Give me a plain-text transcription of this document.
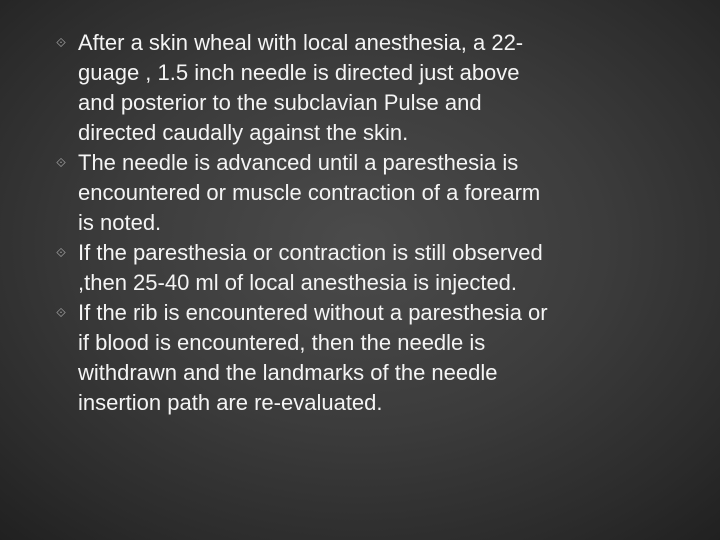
⟐ After a skin wheal with local anesthesia, a 22-
guage , 1.5 inch needle is directed just above
and posterior to the subclavian Pulse and
directed caudally against the skin.
⟐ The needle is advanced until a paresthesia is
encountered or muscle contraction of a forearm
is noted.
⟐ If the paresthesia or contraction is still observed
,then 25-40 ml of local anesthesia is injected.
⟐ If the rib is encountered without a paresthesia or
if blood is encountered, then the needle is
withdrawn and the landmarks of the needle
insertion path are re-evaluated.
